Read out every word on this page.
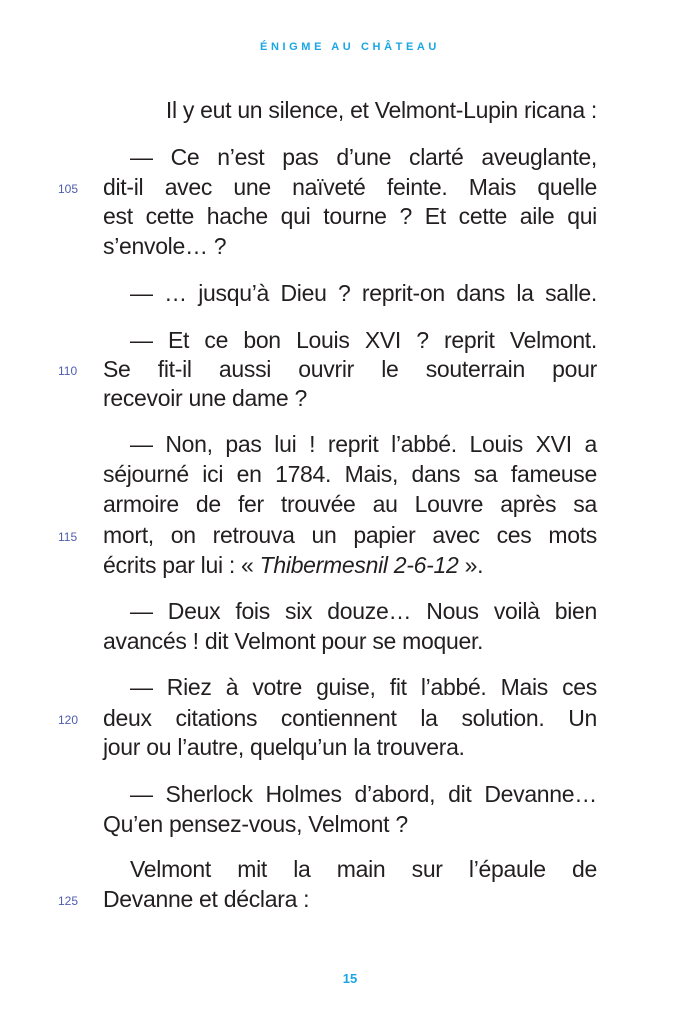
ÉNIGME AU CHÂTEAU
Il y eut un silence, et Velmont-Lupin ricana :
— Ce n’est pas d’une clarté aveuglante,
dit-il avec une naïveté feinte. Mais quelle
105
est cette hache qui tourne ? Et cette aile qui
s’envole… ?
— … jusqu’à Dieu ? reprit-on dans la salle.
— Et ce bon Louis XVI ? reprit Velmont.
Se fit-il aussi ouvrir le souterrain pour
110
recevoir une dame ?
— Non, pas lui ! reprit l’abbé. Louis XVI a
séjourné ici en 1784. Mais, dans sa fameuse
armoire de fer trouvée au Louvre après sa
mort, on retrouva un papier avec ces mots
115
écrits par lui : « Thibermesnil 2-6-12 ».
— Deux fois six douze… Nous voilà bien
avancés ! dit Velmont pour se moquer.
— Riez à votre guise, fit l’abbé. Mais ces
deux citations contiennent la solution. Un
120
jour ou l’autre, quelqu’un la trouvera.
— Sherlock Holmes d’abord, dit Devanne…
Qu’en pensez-vous, Velmont ?
Velmont mit la main sur l’épaule de
Devanne et déclara :
125
15
